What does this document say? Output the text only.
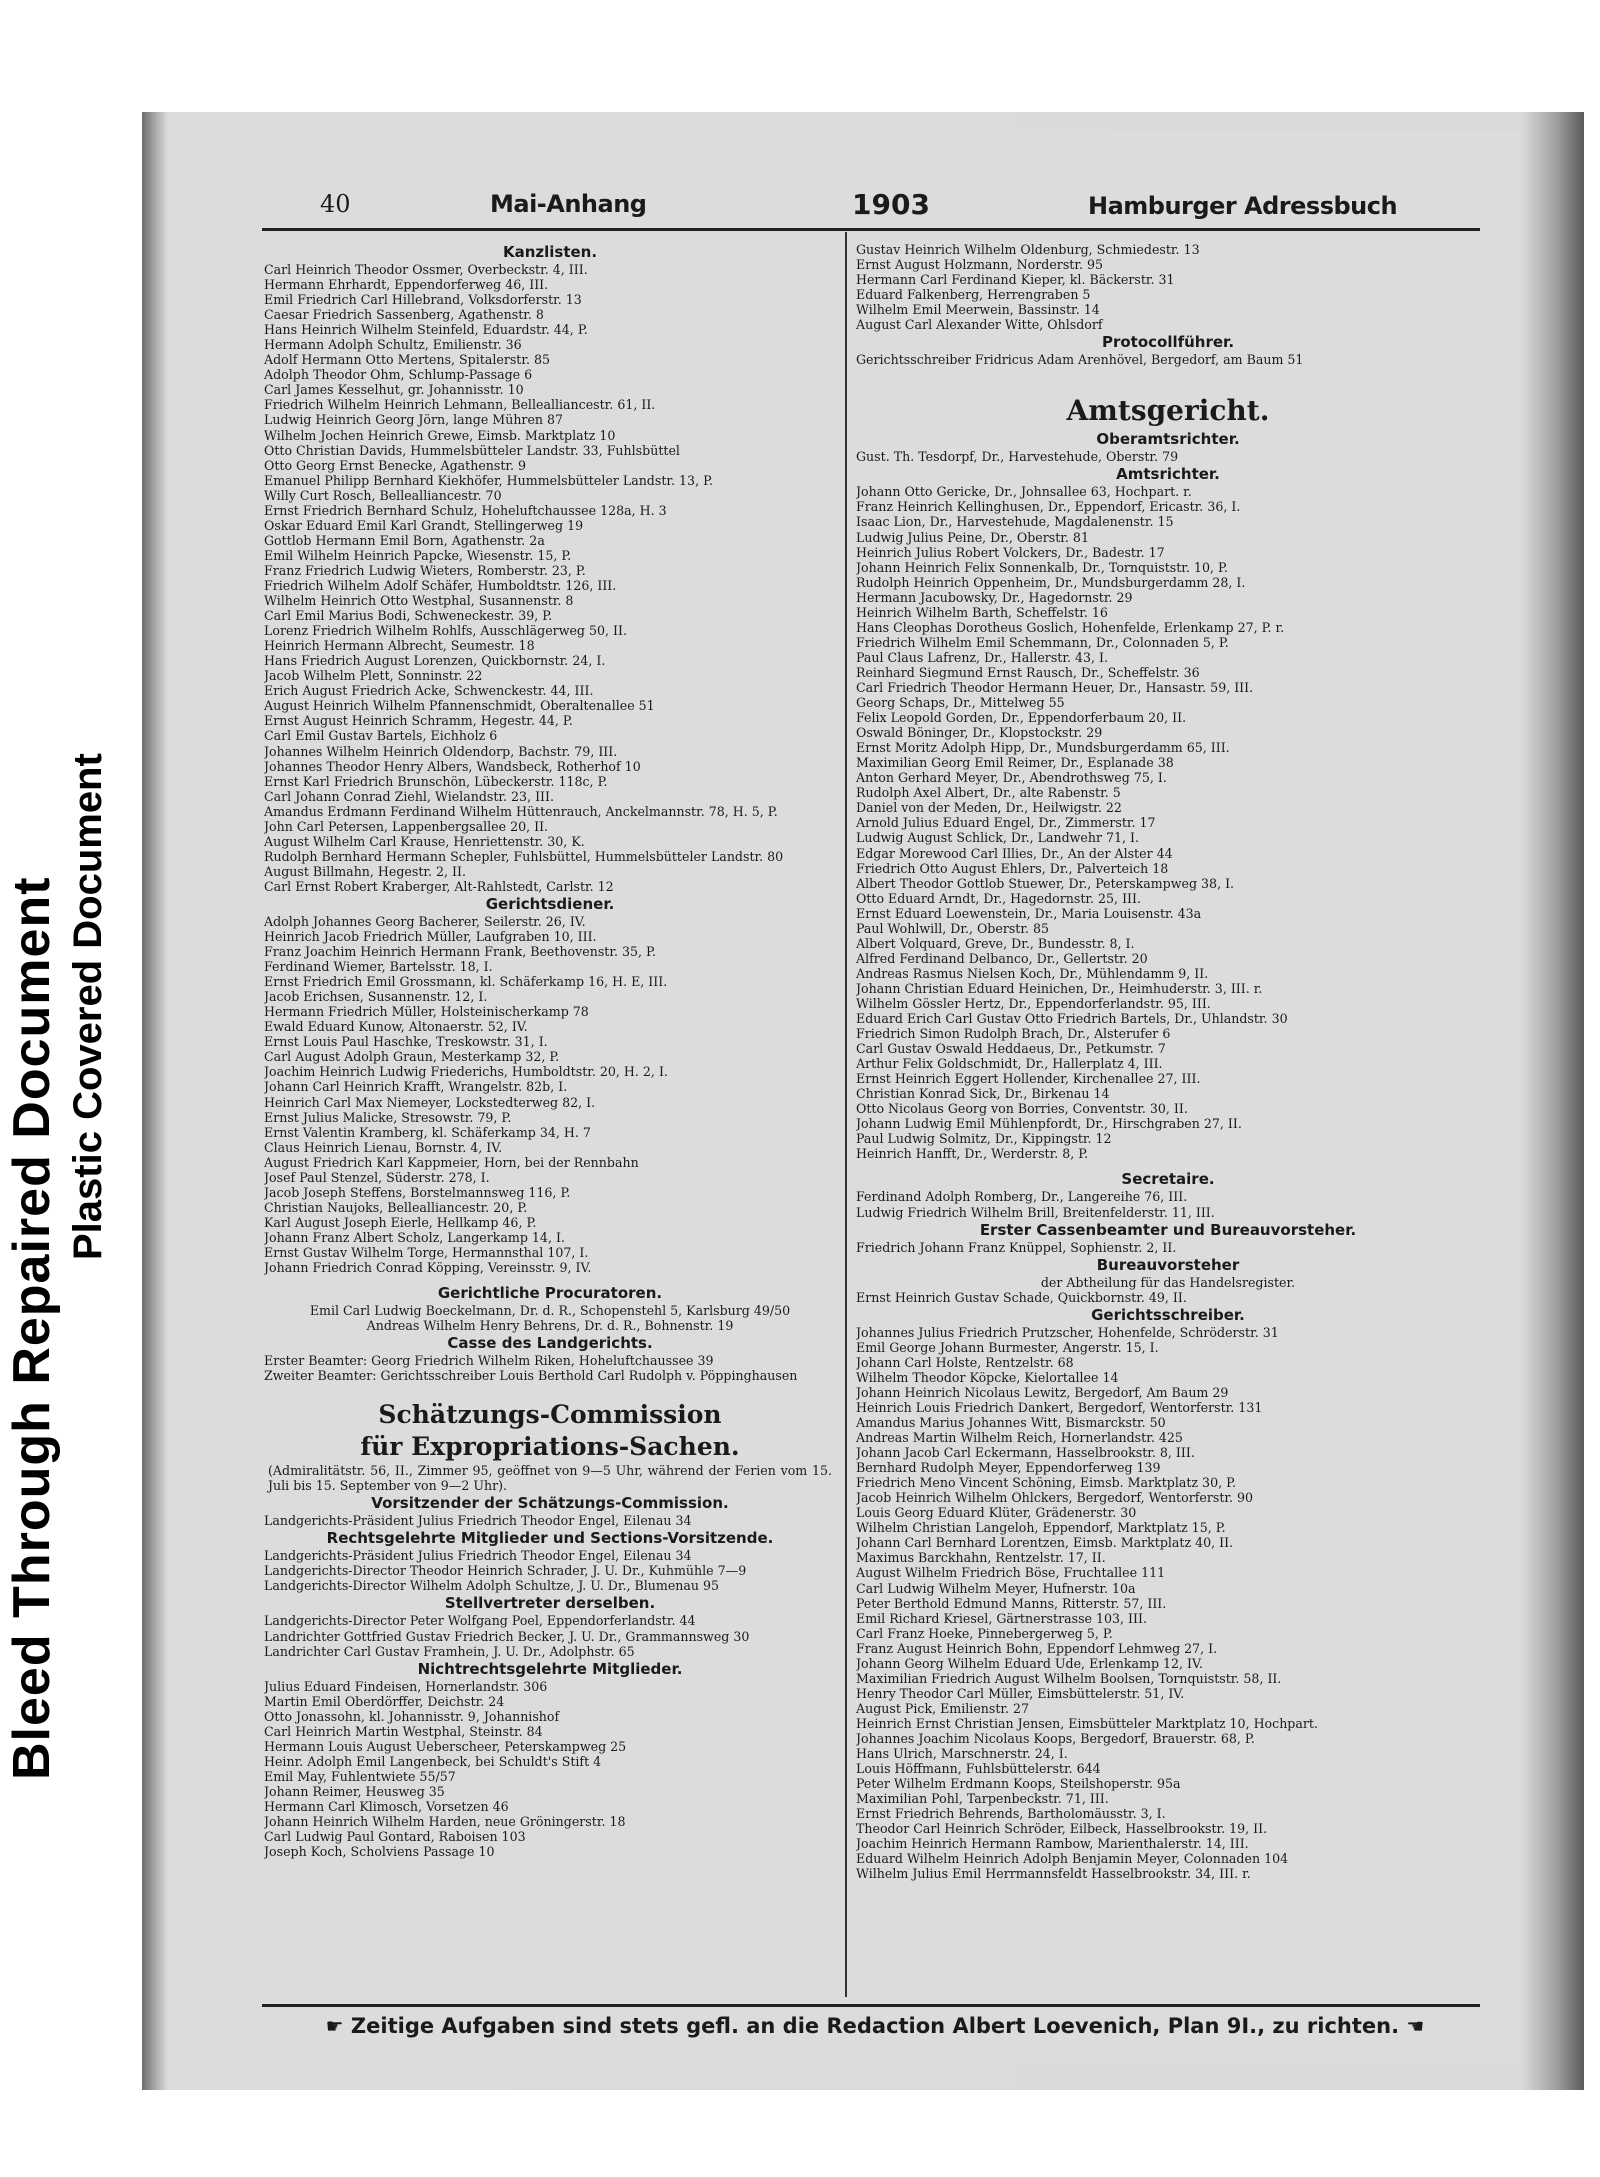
Bleed Through Repaired Document Plastic Covered Document
40	Mai-Anhang	1903	Hamburger Adressbuch
Kanzlisten.
Carl Heinrich Theodor Ossmer, Overbeckstr. 4, III.
Hermann Ehrhardt, Eppendorferweg 46, III.
Emil Friedrich Carl Hillebrand, Volksdorferstr. 13
Caesar Friedrich Sassenberg, Agathenstr. 8
Hans Heinrich Wilhelm Steinfeld, Eduardstr. 44, P.
Hermann Adolph Schultz, Emilienstr. 36
Adolf Hermann Otto Mertens, Spitalerstr. 85
Adolph Theodor Ohm, Schlump-Passage 6
Carl James Kesselhut, gr. Johannisstr. 10
Friedrich Wilhelm Heinrich Lehmann, Bellealliancestr. 61, II.
Ludwig Heinrich Georg Jörn, lange Mühren 87
Wilhelm Jochen Heinrich Grewe, Eimsb. Marktplatz 10
Otto Christian Davids, Hummelsbütteler Landstr. 33, Fuhlsbüttel
Otto Georg Ernst Benecke, Agathenstr. 9
Emanuel Philipp Bernhard Kiekhöfer, Hummelsbütteler Landstr. 13, P.
Willy Curt Rosch, Bellealliancestr. 70
Ernst Friedrich Bernhard Schulz, Hoheluftchaussee 128a, H. 3
Oskar Eduard Emil Karl Grandt, Stellingerweg 19
Gottlob Hermann Emil Born, Agathenstr. 2a
Emil Wilhelm Heinrich Papcke, Wiesenstr. 15, P.
Franz Friedrich Ludwig Wieters, Romberstr. 23, P.
Friedrich Wilhelm Adolf Schäfer, Humboldtstr. 126, III.
Wilhelm Heinrich Otto Westphal, Susannenstr. 8
Carl Emil Marius Bodi, Schweneckestr. 39, P.
Lorenz Friedrich Wilhelm Rohlfs, Ausschlägerweg 50, II.
Heinrich Hermann Albrecht, Seumestr. 18
Hans Friedrich August Lorenzen, Quickbornstr. 24, I.
Jacob Wilhelm Plett, Sonninstr. 22
Erich August Friedrich Acke, Schwenckestr. 44, III.
August Heinrich Wilhelm Pfannenschmidt, Oberaltenallee 51
Ernst August Heinrich Schramm, Hegestr. 44, P.
Carl Emil Gustav Bartels, Eichholz 6
Johannes Wilhelm Heinrich Oldendorp, Bachstr. 79, III.
Johannes Theodor Henry Albers, Wandsbeck, Rotherhof 10
Ernst Karl Friedrich Brunschön, Lübeckerstr. 118c, P.
Carl Johann Conrad Ziehl, Wielandstr. 23, III.
Amandus Erdmann Ferdinand Wilhelm Hüttenrauch, Anckelmannstr. 78, H. 5, P.
John Carl Petersen, Lappenbergsallee 20, II.
August Wilhelm Carl Krause, Henriettenstr. 30, K.
Rudolph Bernhard Hermann Schepler, Fuhlsbüttel, Hummelsbütteler Landstr. 80
August Billmahn, Hegestr. 2, II.
Carl Ernst Robert Kraberger, Alt-Rahlstedt, Carlstr. 12
Gerichtsdiener.
Adolph Johannes Georg Bacherer, Seilerstr. 26, IV.
Heinrich Jacob Friedrich Müller, Laufgraben 10, III.
Franz Joachim Heinrich Hermann Frank, Beethovenstr. 35, P.
Ferdinand Wiemer, Bartelsstr. 18, I.
Ernst Friedrich Emil Grossmann, kl. Schäferkamp 16, H. E, III.
Jacob Erichsen, Susannenstr. 12, I.
Hermann Friedrich Müller, Holsteinischerkamp 78
Ewald Eduard Kunow, Altonaerstr. 52, IV.
Ernst Louis Paul Haschke, Treskowstr. 31, I.
Carl August Adolph Graun, Mesterkamp 32, P.
Joachim Heinrich Ludwig Friederichs, Humboldtstr. 20, H. 2, I.
Johann Carl Heinrich Krafft, Wrangelstr. 82b, I.
Heinrich Carl Max Niemeyer, Lockstedterweg 82, I.
Ernst Julius Malicke, Stresowstr. 79, P.
Ernst Valentin Kramberg, kl. Schäferkamp 34, H. 7
Claus Heinrich Lienau, Bornstr. 4, IV.
August Friedrich Karl Kappmeier, Horn, bei der Rennbahn
Josef Paul Stenzel, Süderstr. 278, I.
Jacob Joseph Steffens, Borstelmannsweg 116, P.
Christian Naujoks, Bellealliancestr. 20, P.
Karl August Joseph Eierle, Hellkamp 46, P.
Johann Franz Albert Scholz, Langerkamp 14, I.
Ernst Gustav Wilhelm Torge, Hermannsthal 107, I.
Johann Friedrich Conrad Köpping, Vereinsstr. 9, IV.
Gerichtliche Procuratoren.
Emil Carl Ludwig Boeckelmann, Dr. d. R., Schopenstehl 5, Karlsburg 49/50
Andreas Wilhelm Henry Behrens, Dr. d. R., Bohnenstr. 19
Casse des Landgerichts.
Erster Beamter: Georg Friedrich Wilhelm Riken, Hoheluftchaussee 39
Zweiter Beamter: Gerichtsschreiber Louis Berthold Carl Rudolph v. Pöppinghausen
Schätzungs-Commission
für Expropriations-Sachen.
(Admiralitätstr. 56, II., Zimmer 95, geöffnet von 9—5 Uhr, während der Ferien vom 15. Juli bis 15. September von 9—2 Uhr).
Vorsitzender der Schätzungs-Commission.
Landgerichts-Präsident Julius Friedrich Theodor Engel, Eilenau 34
Rechtsgelehrte Mitglieder und Sections-Vorsitzende.
Landgerichts-Präsident Julius Friedrich Theodor Engel, Eilenau 34
Landgerichts-Director Theodor Heinrich Schrader, J. U. Dr., Kuhmühle 7—9
Landgerichts-Director Wilhelm Adolph Schultze, J. U. Dr., Blumenau 95
Stellvertreter derselben.
Landgerichts-Director Peter Wolfgang Poel, Eppendorferlandstr. 44
Landrichter Gottfried Gustav Friedrich Becker, J. U. Dr., Grammannsweg 30
Landrichter Carl Gustav Framhein, J. U. Dr., Adolphstr. 65
Nichtrechtsgelehrte Mitglieder.
Julius Eduard Findeisen, Hornerlandstr. 306
Martin Emil Oberdörffer, Deichstr. 24
Otto Jonassohn, kl. Johannisstr. 9, Johannishof
Carl Heinrich Martin Westphal, Steinstr. 84
Hermann Louis August Ueberscheer, Peterskampweg 25
Heinr. Adolph Emil Langenbeck, bei Schuldt's Stift 4
Emil May, Fuhlentwiete 55/57
Johann Reimer, Heusweg 35
Hermann Carl Klimosch, Vorsetzen 46
Johann Heinrich Wilhelm Harden, neue Gröningerstr. 18
Carl Ludwig Paul Gontard, Raboisen 103
Joseph Koch, Scholviens Passage 10
Gustav Heinrich Wilhelm Oldenburg, Schmiedestr. 13
Ernst August Holzmann, Norderstr. 95
Hermann Carl Ferdinand Kieper, kl. Bäckerstr. 31
Eduard Falkenberg, Herrengraben 5
Wilhelm Emil Meerwein, Bassinstr. 14
August Carl Alexander Witte, Ohlsdorf
Protocollführer.
Gerichtsschreiber Fridricus Adam Arenhövel, Bergedorf, am Baum 51
Amtsgericht.
Oberamtsrichter.
Gust. Th. Tesdorpf, Dr., Harvestehude, Oberstr. 79
Amtsrichter.
Johann Otto Gericke, Dr., Johnsallee 63, Hochpart. r.
Franz Heinrich Kellinghusen, Dr., Eppendorf, Ericastr. 36, I.
Isaac Lion, Dr., Harvestehude, Magdalenenstr. 15
Ludwig Julius Peine, Dr., Oberstr. 81
Heinrich Julius Robert Volckers, Dr., Badestr. 17
Johann Heinrich Felix Sonnenkalb, Dr., Tornquiststr. 10, P.
Rudolph Heinrich Oppenheim, Dr., Mundsburgerdamm 28, I.
Hermann Jacubowsky, Dr., Hagedornstr. 29
Heinrich Wilhelm Barth, Scheffelstr. 16
Hans Cleophas Dorotheus Goslich, Hohenfelde, Erlenkamp 27, P. r.
Friedrich Wilhelm Emil Schemmann, Dr., Colonnaden 5, P.
Paul Claus Lafrenz, Dr., Hallerstr. 43, I.
Reinhard Siegmund Ernst Rausch, Dr., Scheffelstr. 36
Carl Friedrich Theodor Hermann Heuer, Dr., Hansastr. 59, III.
Georg Schaps, Dr., Mittelweg 55
Felix Leopold Gorden, Dr., Eppendorferbaum 20, II.
Oswald Böninger, Dr., Klopstockstr. 29
Ernst Moritz Adolph Hipp, Dr., Mundsburgerdamm 65, III.
Maximilian Georg Emil Reimer, Dr., Esplanade 38
Anton Gerhard Meyer, Dr., Abendrothsweg 75, I.
Rudolph Axel Albert, Dr., alte Rabenstr. 5
Daniel von der Meden, Dr., Heilwigstr. 22
Arnold Julius Eduard Engel, Dr., Zimmerstr. 17
Ludwig August Schlick, Dr., Landwehr 71, I.
Edgar Morewood Carl Illies, Dr., An der Alster 44
Friedrich Otto August Ehlers, Dr., Palverteich 18
Albert Theodor Gottlob Stuewer, Dr., Peterskampweg 38, I.
Otto Eduard Arndt, Dr., Hagedornstr. 25, III.
Ernst Eduard Loewenstein, Dr., Maria Louisenstr. 43a
Paul Wohlwill, Dr., Oberstr. 85
Albert Volquard, Greve, Dr., Bundesstr. 8, I.
Alfred Ferdinand Delbanco, Dr., Gellertstr. 20
Andreas Rasmus Nielsen Koch, Dr., Mühlendamm 9, II.
Johann Christian Eduard Heinichen, Dr., Heimhuderstr. 3, III. r.
Wilhelm Gössler Hertz, Dr., Eppendorferlandstr. 95, III.
Eduard Erich Carl Gustav Otto Friedrich Bartels, Dr., Uhlandstr. 30
Friedrich Simon Rudolph Brach, Dr., Alsterufer 6
Carl Gustav Oswald Heddaeus, Dr., Petkumstr. 7
Arthur Felix Goldschmidt, Dr., Hallerplatz 4, III.
Ernst Heinrich Eggert Hollender, Kirchenallee 27, III.
Christian Konrad Sick, Dr., Birkenau 14
Otto Nicolaus Georg von Borries, Conventstr. 30, II.
Johann Ludwig Emil Mühlenpfordt, Dr., Hirschgraben 27, II.
Paul Ludwig Solmitz, Dr., Kippingstr. 12
Heinrich Hanfft, Dr., Werderstr. 8, P.
Secretaire.
Ferdinand Adolph Romberg, Dr., Langereihe 76, III.
Ludwig Friedrich Wilhelm Brill, Breitenfelderstr. 11, III.
Erster Cassenbeamter und Bureauvorsteher.
Friedrich Johann Franz Knüppel, Sophienstr. 2, II.
Bureauvorsteher
der Abtheilung für das Handelsregister.
Ernst Heinrich Gustav Schade, Quickbornstr. 49, II.
Gerichtsschreiber.
Johannes Julius Friedrich Prutzscher, Hohenfelde, Schröderstr. 31
Emil George Johann Burmester, Angerstr. 15, I.
Johann Carl Holste, Rentzelstr. 68
Wilhelm Theodor Köpcke, Kielortallee 14
Johann Heinrich Nicolaus Lewitz, Bergedorf, Am Baum 29
Heinrich Louis Friedrich Dankert, Bergedorf, Wentorferstr. 131
Amandus Marius Johannes Witt, Bismarckstr. 50
Andreas Martin Wilhelm Reich, Hornerlandstr. 425
Johann Jacob Carl Eckermann, Hasselbrookstr. 8, III.
Bernhard Rudolph Meyer, Eppendorferweg 139
Friedrich Meno Vincent Schöning, Eimsb. Marktplatz 30, P.
Jacob Heinrich Wilhelm Ohlckers, Bergedorf, Wentorferstr. 90
Louis Georg Eduard Klüter, Grädenerstr. 30
Wilhelm Christian Langeloh, Eppendorf, Marktplatz 15, P.
Johann Carl Bernhard Lorentzen, Eimsb. Marktplatz 40, II.
Maximus Barckhahn, Rentzelstr. 17, II.
August Wilhelm Friedrich Böse, Fruchtallee 111
Carl Ludwig Wilhelm Meyer, Hufnerstr. 10a
Peter Berthold Edmund Manns, Ritterstr. 57, III.
Emil Richard Kriesel, Gärtnerstrasse 103, III.
Carl Franz Hoeke, Pinnebergerweg 5, P.
Franz August Heinrich Bohn, Eppendorf Lehmweg 27, I.
Johann Georg Wilhelm Eduard Ude, Erlenkamp 12, IV.
Maximilian Friedrich August Wilhelm Boolsen, Tornquiststr. 58, II.
Henry Theodor Carl Müller, Eimsbüttelerstr. 51, IV.
August Pick, Emilienstr. 27
Heinrich Ernst Christian Jensen, Eimsbütteler Marktplatz 10, Hochpart.
Johannes Joachim Nicolaus Koops, Bergedorf, Brauerstr. 68, P.
Hans Ulrich, Marschnerstr. 24, I.
Louis Höffmann, Fuhlsbüttelerstr. 644
Peter Wilhelm Erdmann Koops, Steilshoperstr. 95a
Maximilian Pohl, Tarpenbeckstr. 71, III.
Ernst Friedrich Behrends, Bartholomäusstr. 3, I.
Theodor Carl Heinrich Schröder, Eilbeck, Hasselbrookstr. 19, II.
Joachim Heinrich Hermann Rambow, Marienthalerstr. 14, III.
Eduard Wilhelm Heinrich Adolph Benjamin Meyer, Colonnaden 104
Wilhelm Julius Emil Herrmannsfeldt Hasselbrookstr. 34, III. r.
☛ Zeitige Aufgaben sind stets gefl. an die Redaction Albert Loevenich, Plan 9I., zu richten. ☚
